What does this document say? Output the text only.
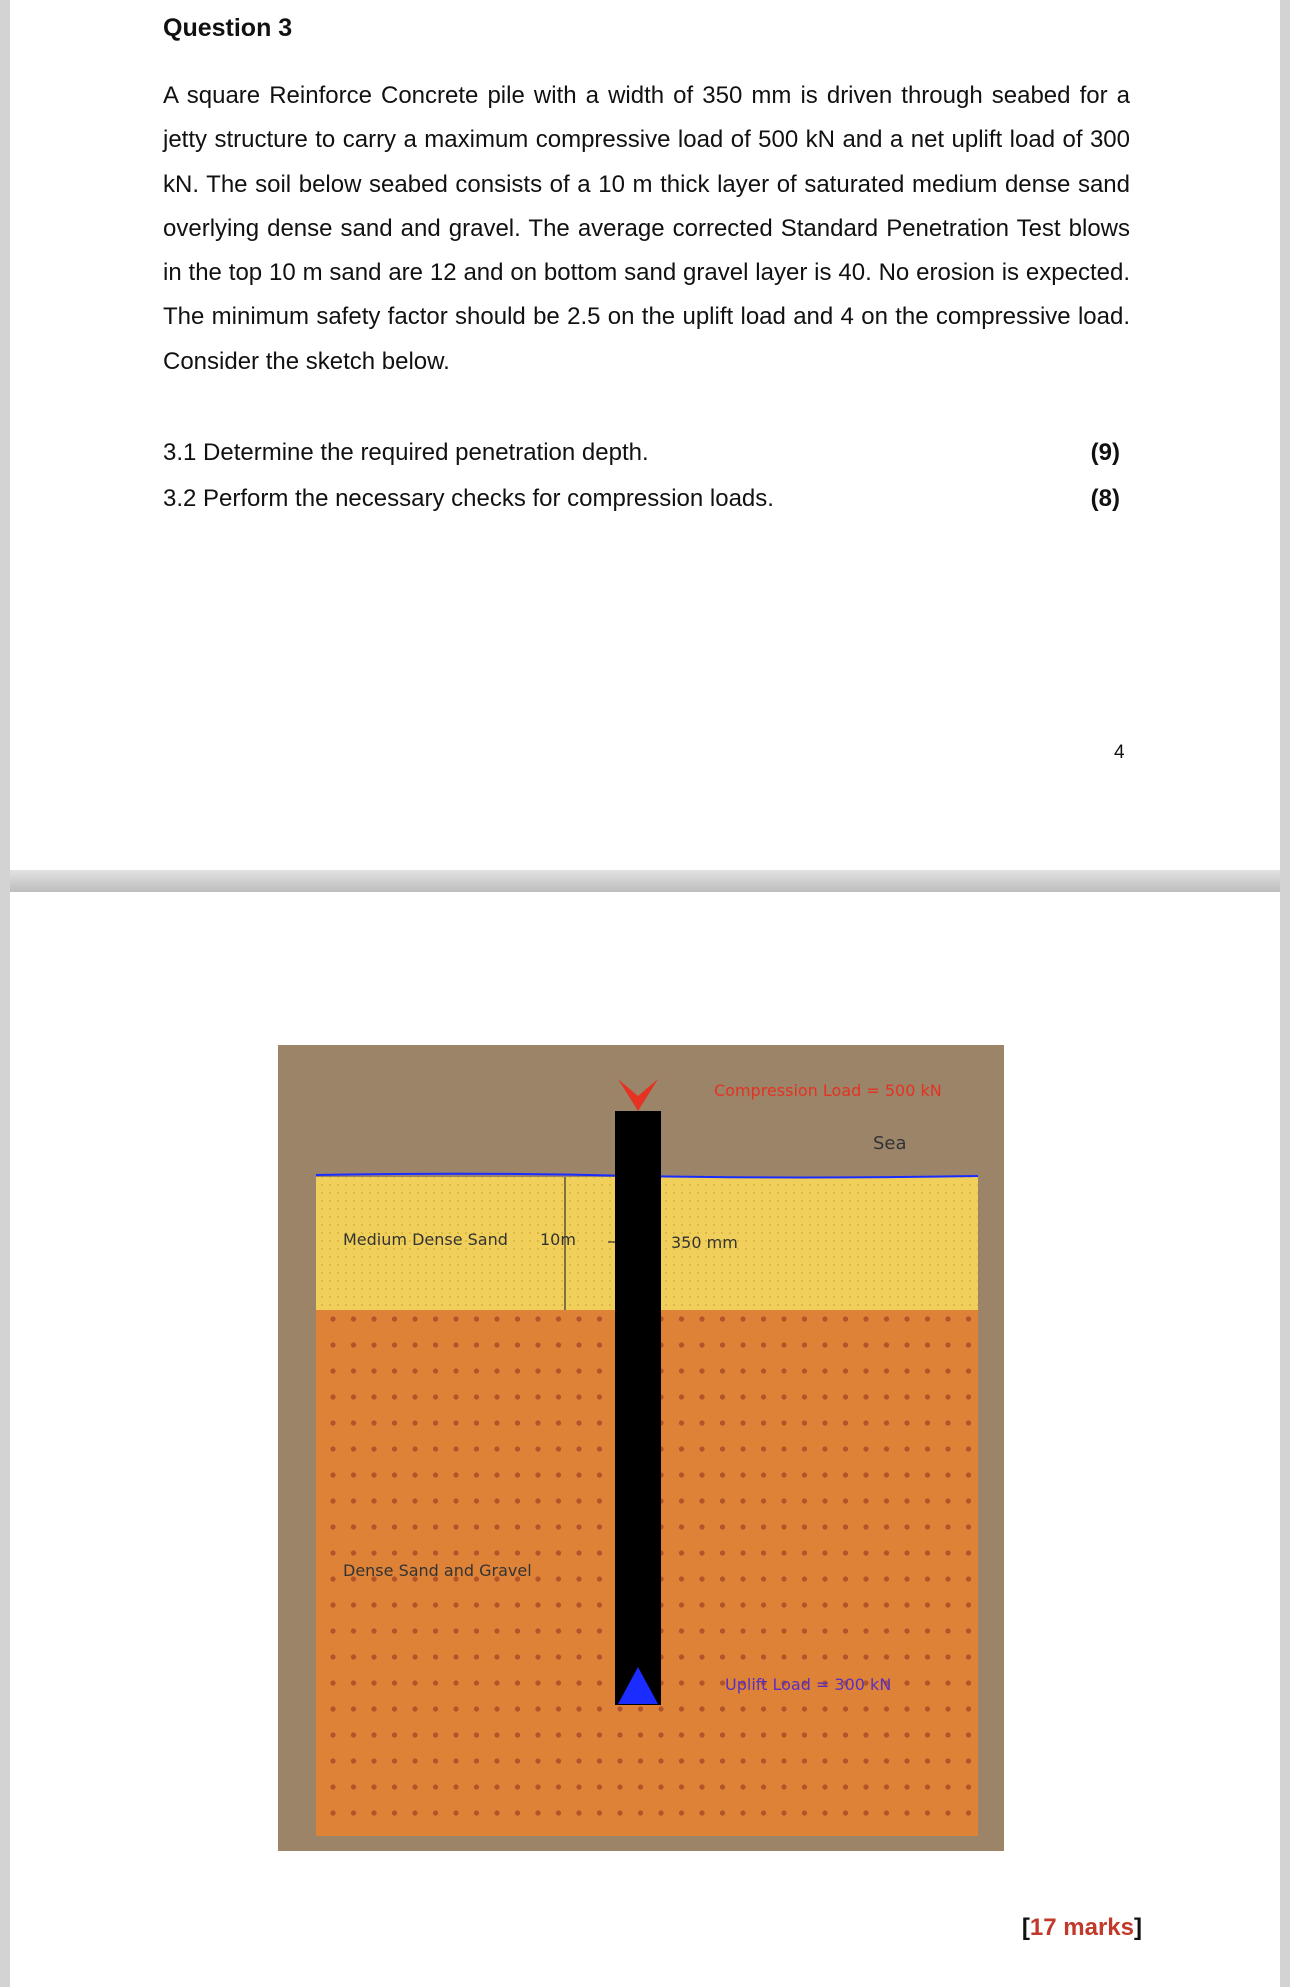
Question 3

A square Reinforce Concrete pile with a width of 350 mm is driven through seabed for a jetty structure to carry a maximum compressive load of 500 kN and a net uplift load of 300 kN. The soil below seabed consists of a 10 m thick layer of saturated medium dense sand overlying dense sand and gravel. The average corrected Standard Penetration Test blows in the top 10 m sand are 12 and on bottom sand gravel layer is 40. No erosion is expected. The minimum safety factor should be 2.5 on the uplift load and 4 on the compressive load. Consider the sketch below.

3.1 Determine the required penetration depth.	(9)
3.2 Perform the necessary checks for compression loads.	(8)
4
Compression Load = 500 kN
Sea
Medium Dense Sand 10m	350 mm
Dense Sand and Gravel
Uplift Load = 300 kN
[17 marks]
